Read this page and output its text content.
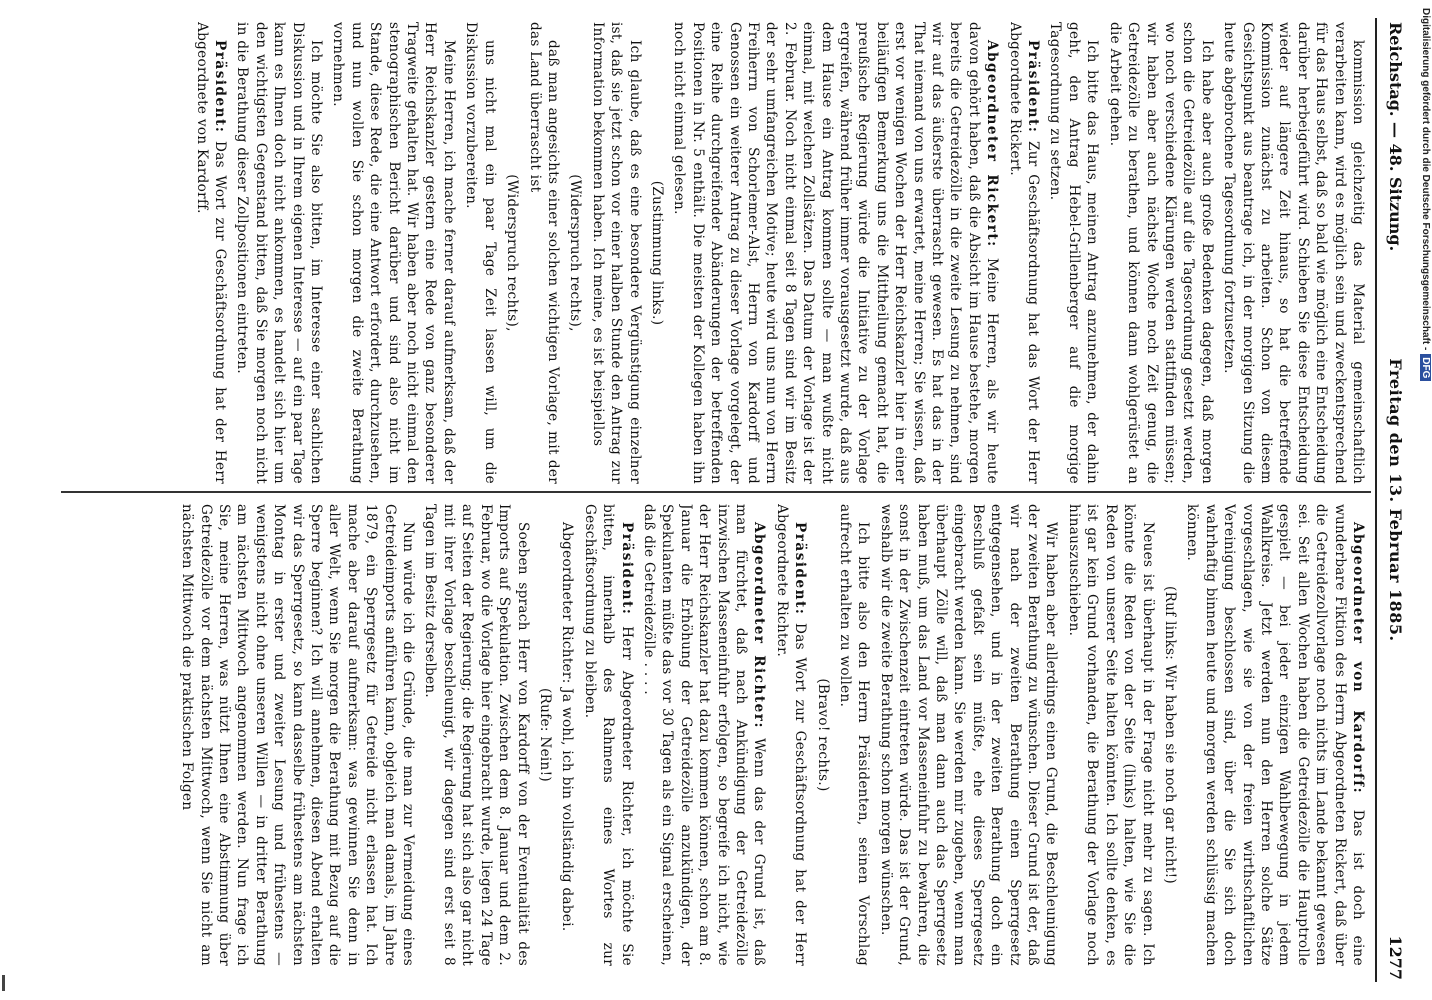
Reichstag. — 48. Sitzung.
Freitag den 13. Februar 1885.
1277

kommission gleichzeitig das Material gemeinschaftlich verarbeiten kann, wird es möglich sein und zweckentsprechend für das Haus selbst, daß so bald wie möglich eine Entscheidung darüber herbeigeführt wird. Schieben Sie diese Entscheidung wieder auf längere Zeit hinaus, so hat die betreffende Kommission zunächst zu arbeiten. Schon von diesem Gesichtspunkt aus beantrage ich, in der morgigen Sitzung die heute abgebrochene Tagesordnung fortzusetzen.

Ich habe aber auch große Bedenken dagegen, daß morgen schon die Getreidezölle auf die Tagesordnung gesetzt werden, wo noch verschiedene Klärungen werden stattfinden müssen; wir haben aber auch nächste Woche noch Zeit genug, die Getreidezölle zu berathen, und können dann wohlgerüstet an die Arbeit gehen.

Ich bitte das Haus, meinen Antrag anzunehmen, der dahin geht, den Antrag Hebel-Grillenberger auf die morgige Tagesordnung zu setzen.

Präsident: Zur Geschäftsordnung hat das Wort der Herr Abgeordnete Rickert.

Abgeordneter Rickert: Meine Herren, als wir heute davon gehört haben, daß die Absicht im Hause bestehe, morgen bereits die Getreidezölle in die zweite Lesung zu nehmen, sind wir auf das äußerste überrascht gewesen. Es hat das in der That niemand von uns erwartet, meine Herren; Sie wissen, daß erst vor wenigen Wochen der Herr Reichskanzler hier in einer beiläufigen Bemerkung uns die Mittheilung gemacht hat, die preußische Regierung würde die Initiative zu der Vorlage ergreifen, während früher immer vorausgesetzt wurde, daß aus dem Hause ein Antrag kommen sollte — man wußte nicht einmal, mit welchen Zollsätzen. Das Datum der Vorlage ist der 2. Februar. Noch nicht einmal seit 8 Tagen sind wir im Besitz der sehr umfangreichen Motive; heute wird uns nun von Herrn Freiherrn von Schorlemer-Alst, Herrn von Kardorff und Genossen ein weiterer Antrag zu dieser Vorlage vorgelegt, der eine Reihe durchgreifender Abänderungen der betreffenden Positionen in Nr. 5 enthält. Die meisten der Kollegen haben ihn noch nicht einmal gelesen.

(Zustimmung links.)

Ich glaube, daß es eine besondere Vergünstigung einzelner ist, daß sie jetzt schon vor einer halben Stunde den Antrag zur Information bekommen haben. Ich meine, es ist beispiellos

(Widerspruch rechts),

daß man angesichts einer solchen wichtigen Vorlage, mit der das Land überrascht ist

(Widerspruch rechts),

uns nicht mal ein paar Tage Zeit lassen will, um die Diskussion vorzubereiten.

Meine Herren, ich mache ferner darauf aufmerksam, daß der Herr Reichskanzler gestern eine Rede von ganz besonderer Tragweite gehalten hat. Wir haben aber noch nicht einmal den stenographischen Bericht darüber und sind also nicht im Stande, diese Rede, die eine Antwort erfordert, durchzusehen, und nun wollen Sie schon morgen die zweite Berathung vornehmen.

Ich möchte Sie also bitten, im Interesse einer sachlichen Diskussion und in Ihrem eigenen Interesse — auf ein paar Tage kann es Ihnen doch nicht ankommen, es handelt sich hier um den wichtigsten Gegenstand bitten, daß Sie morgen noch nicht in die Berathung dieser Zollpositionen eintreten.

Präsident: Das Wort zur Geschäftsordnung hat der Herr Abgeordnete von Kardorff.

Abgeordneter von Kardorff: Das ist doch eine wunderbare Fiktion des Herrn Abgeordneten Rickert, daß über die Getreidezollvorlage noch nichts im Lande bekannt gewesen sei. Seit allen Wochen haben die Getreidezölle die Hauptrolle gespielt — bei jeder einzigen Wahlbewegung in jedem Wahlkreise. Jetzt werden nun den Herren solche Sätze vorgeschlagen, wie sie von der freien wirthschaftlichen Vereinigung beschlossen sind, über die Sie sich doch wahrhaftig binnen heute und morgen werden schlüssig machen können.

(Ruf links: Wir haben sie noch gar nicht!)

Neues ist überhaupt in der Frage nicht mehr zu sagen. Ich könnte die Reden von der Seite (links) halten, wie Sie die Reden von unserer Seite halten könnten. Ich sollte denken, es ist gar kein Grund vorhanden, die Berathung der Vorlage noch hinauszuschieben.

Wir haben aber allerdings einen Grund, die Beschleunigung der zweiten Berathung zu wünschen. Dieser Grund ist der, daß wir nach der zweiten Berathung einen Sperrgesetz entgegensehen, und in der zweiten Berathung doch ein Beschluß gefaßt sein müßte, ehe dieses Sperrgesetz eingebracht werden kann. Sie werden mir zugeben, wenn man überhaupt Zölle will, daß man dann auch das Sperrgesetz haben muß, um das Land vor Masseneinfuhr zu bewahren, die sonst in der Zwischenzeit eintreten würde. Das ist der Grund, weshalb wir die zweite Berathung schon morgen wünschen.

Ich bitte also den Herrn Präsidenten, seinen Vorschlag aufrecht erhalten zu wollen.

(Bravo! rechts.)

Präsident: Das Wort zur Geschäftsordnung hat der Herr Abgeordnete Richter.

Abgeordneter Richter: Wenn das der Grund ist, daß man fürchtet, daß nach Ankündigung der Getreidezölle inzwischen Masseneinfuhr erfolgen, so begreife ich nicht, wie der Herr Reichskanzler hat dazu kommen können, schon am 8. Januar die Erhöhung der Getreidezölle anzukündigen, der Spekulanten müßte das vor 30 Tagen als ein Signal erscheinen, daß die Getreidezölle . . . .

Präsident: Herr Abgeordneter Richter, ich möchte Sie bitten, innerhalb des Rahmens eines Wortes zur Geschäftsordnung zu bleiben.

Abgeordneter Richter: Ja wohl, ich bin vollständig dabei.

(Rufe: Nein!)

Soeben sprach Herr von Kardorff von der Eventualität des Imports auf Spekulation. Zwischen dem 8. Januar und dem 2. Februar, wo die Vorlage hier eingebracht wurde, liegen 24 Tage auf Seiten der Regierung; die Regierung hat sich also gar nicht mit ihrer Vorlage beschleunigt, wir dagegen sind erst seit 8 Tagen im Besitz derselben.

Nun würde ich die Gründe, die man zur Vermeidung eines Getreideimports anführen kann, obgleich man damals, im Jahre 1879, ein Sperrgesetz für Getreide nicht erlassen hat. Ich mache aber darauf aufmerksam: was gewinnen Sie denn in aller Welt, wenn Sie morgen die Berathung mit Bezug auf die Sperre beginnen? Ich will annehmen, diesen Abend erhalten wir das Sperrgesetz, so kann dasselbe frühestens am nächsten Montag in erster und zweiter Lesung und frühestens — wenigstens nicht ohne unseren Willen — in dritter Berathung am nächsten Mittwoch angenommen werden. Nun frage ich Sie, meine Herren, was nützt Ihnen eine Abstimmung über Getreidezölle vor dem nächsten Mittwoch, wenn Sie nicht am nächsten Mittwoch die praktischen Folgen

Digitalisierung gefördert durch die Deutsche Forschungsgemeinschaft -DFG
